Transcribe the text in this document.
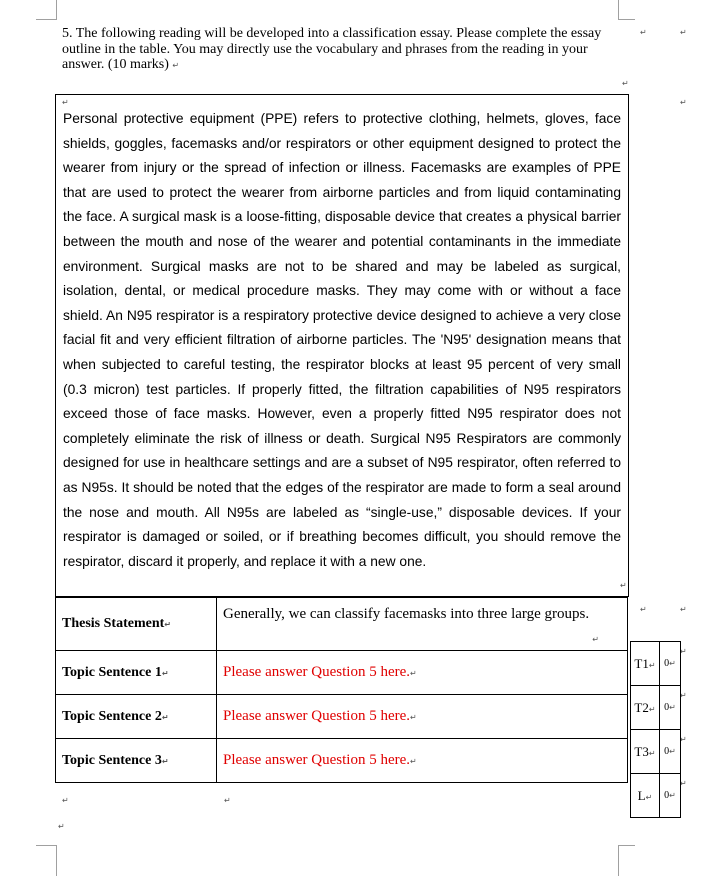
5. The following reading will be developed into a classification essay. Please complete the essay outline in the table. You may directly use the vocabulary and phrases from the reading in your answer. (10 marks) ↵
↵	↵
↵
↵
↵
Personal protective equipment (PPE) refers to protective clothing, helmets, gloves, face shields, goggles, facemasks and/or respirators or other equipment designed to protect the wearer from injury or the spread of infection or illness. Facemasks are examples of PPE that are used to protect the wearer from airborne particles and from liquid contaminating the face. A surgical mask is a loose-fitting, disposable device that creates a physical barrier between the mouth and nose of the wearer and potential contaminants in the immediate environment. Surgical masks are not to be shared and may be labeled as surgical, isolation, dental, or medical procedure masks. They may come with or without a face shield. An N95 respirator is a respiratory protective device designed to achieve a very close facial fit and very efficient filtration of airborne particles. The 'N95' designation means that when subjected to careful testing, the respirator blocks at least 95 percent of very small (0.3 micron) test particles. If properly fitted, the filtration capabilities of N95 respirators exceed those of face masks. However, even a properly fitted N95 respirator does not completely eliminate the risk of illness or death. Surgical N95 Respirators are commonly designed for use in healthcare settings and are a subset of N95 respirator, often referred to as N95s. It should be noted that the edges of the respirator are made to form a seal around the nose and mouth. All N95s are labeled as “single-use,” disposable devices. If your respirator is damaged or soiled, or if breathing becomes difficult, you should remove the respirator, discard it properly, and replace it with a new one.
↵
↵	↵
Thesis Statement↵	Generally, we can classify facemasks into three large groups.
↵

Topic Sentence 1↵	Please answer Question 5 here.↵
Topic Sentence 2↵	Please answer Question 5 here.↵
Topic Sentence 3↵	Please answer Question 5 here.↵
↵
↵
↵
↵
T1↵	0↵
T2↵	0↵
T3↵	0↵
L↵	0↵
↵	↵
↵
